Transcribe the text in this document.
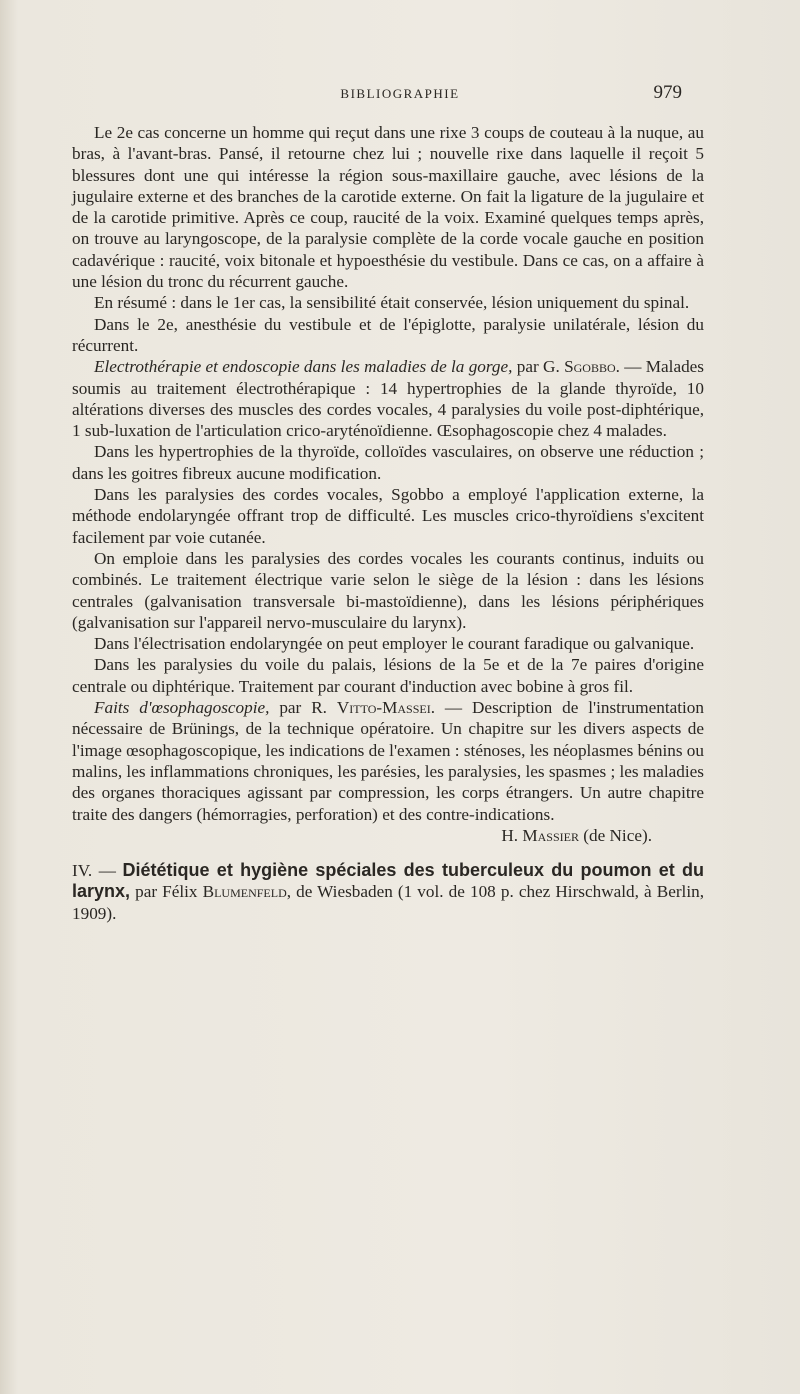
BIBLIOGRAPHIE	979

Le 2e cas concerne un homme qui reçut dans une rixe 3 coups de couteau à la nuque, au bras, à l'avant-bras. Pansé, il retourne chez lui ; nouvelle rixe dans laquelle il reçoit 5 blessures dont une qui intéresse la région sous-maxillaire gauche, avec lésions de la jugulaire externe et des branches de la carotide externe. On fait la ligature de la jugulaire et de la carotide primitive. Après ce coup, raucité de la voix. Examiné quelques temps après, on trouve au laryngoscope, de la paralysie complète de la corde vocale gauche en position cadavérique : raucité, voix bitonale et hypoesthésie du vestibule. Dans ce cas, on a affaire à une lésion du tronc du récurrent gauche.

En résumé : dans le 1er cas, la sensibilité était conservée, lésion uniquement du spinal.

Dans le 2e, anesthésie du vestibule et de l'épiglotte, paralysie unilatérale, lésion du récurrent.

Electrothérapie et endoscopie dans les maladies de la gorge, par G. Sgobbo. — Malades soumis au traitement électrothérapique : 14 hypertrophies de la glande thyroïde, 10 altérations diverses des muscles des cordes vocales, 4 paralysies du voile post-diphtérique, 1 sub-luxation de l'articulation crico-aryténoïdienne. Œsophagoscopie chez 4 malades.

Dans les hypertrophies de la thyroïde, colloïdes vasculaires, on observe une réduction ; dans les goitres fibreux aucune modification.

Dans les paralysies des cordes vocales, Sgobbo a employé l'application externe, la méthode endolaryngée offrant trop de difficulté. Les muscles crico-thyroïdiens s'excitent facilement par voie cutanée.

On emploie dans les paralysies des cordes vocales les courants continus, induits ou combinés. Le traitement électrique varie selon le siège de la lésion : dans les lésions centrales (galvanisation transversale bi-mastoïdienne), dans les lésions périphériques (galvanisation sur l'appareil nervo-musculaire du larynx).

Dans l'électrisation endolaryngée on peut employer le courant faradique ou galvanique.

Dans les paralysies du voile du palais, lésions de la 5e et de la 7e paires d'origine centrale ou diphtérique. Traitement par courant d'induction avec bobine à gros fil.

Faits d'œsophagoscopie, par R. Vitto-Massei. — Description de l'instrumentation nécessaire de Brünings, de la technique opératoire. Un chapitre sur les divers aspects de l'image œsophagoscopique, les indications de l'examen : sténoses, les néoplasmes bénins ou malins, les inflammations chroniques, les parésies, les paralysies, les spasmes ; les maladies des organes thoraciques agissant par compression, les corps étrangers. Un autre chapitre traite des dangers (hémorragies, perforation) et des contre-indications.

H. Massier (de Nice).

IV. — Diététique et hygiène spéciales des tuberculeux du poumon et du larynx, par Félix Blumenfeld, de Wiesbaden (1 vol. de 108 p. chez Hirschwald, à Berlin, 1909).
